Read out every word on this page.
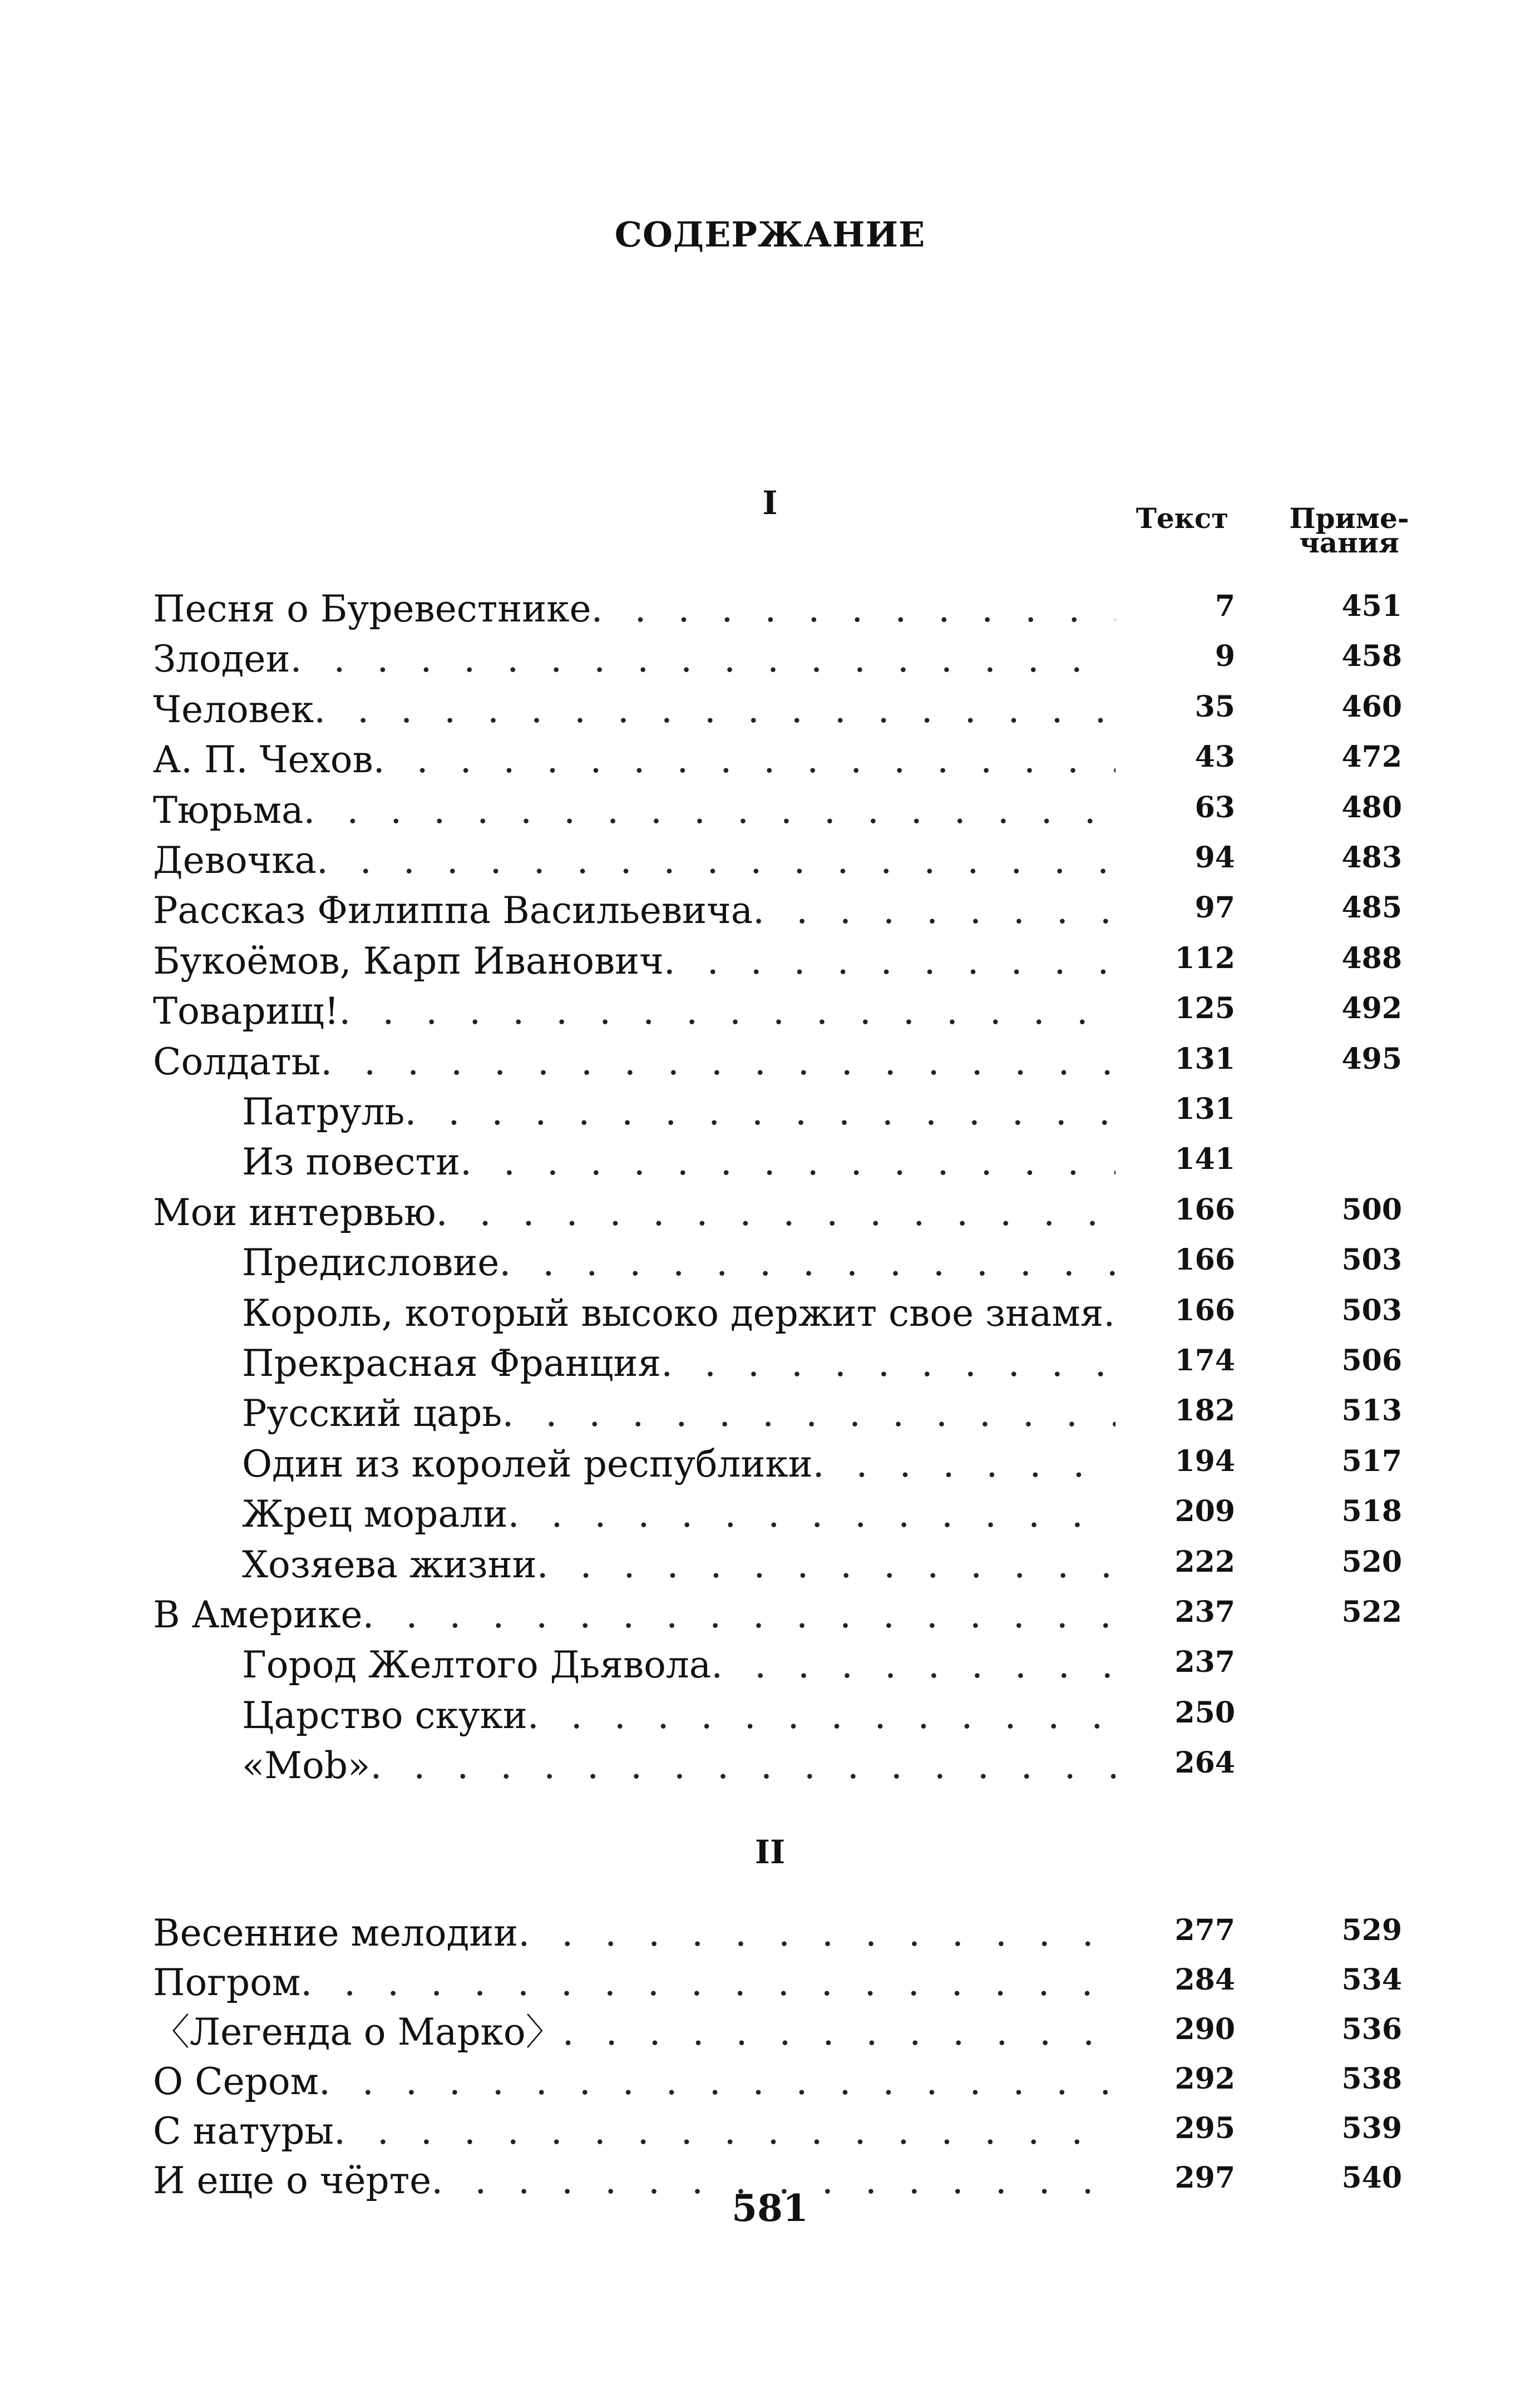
СОДЕРЖАНИЕ
I	Текст	Приме-
чания
Песня о Буревестнике . . .	7	451
Злодеи . . .	9	458
Человек . . .	35	460
А. П. Чехов . . .	43	472
Тюрьма . . .	63	480
Девочка . . .	94	483
Рассказ Филиппа Васильевича . . .	97	485
Букоёмов, Карп Иванович . . .	112	488
Товарищ! . . .	125	492
Солдаты . . .	131	495
Патруль . . .	131
Из повести . . .	141
Мои интервью . . .	166	500
Предисловие . . .	166	503
Король, который высоко держит свое знамя . . .	166	503
Прекрасная Франция . . .	174	506
Русский царь . . .	182	513
Один из королей республики . . .	194	517
Жрец морали . . .	209	518
Хозяева жизни . . .	222	520
В Америке . . .	237	522
Город Желтого Дьявола . . .	237
Царство скуки . . .	250
«Mob» . . .	264
II
Весенние мелодии . . .	277	529
Погром . . .	284	534
〈Легенда о Марко〉 . . .	290	536
О Сером . . .	292	538
С натуры . . .	295	539
И еще о чёрте . . .	297	540
581
